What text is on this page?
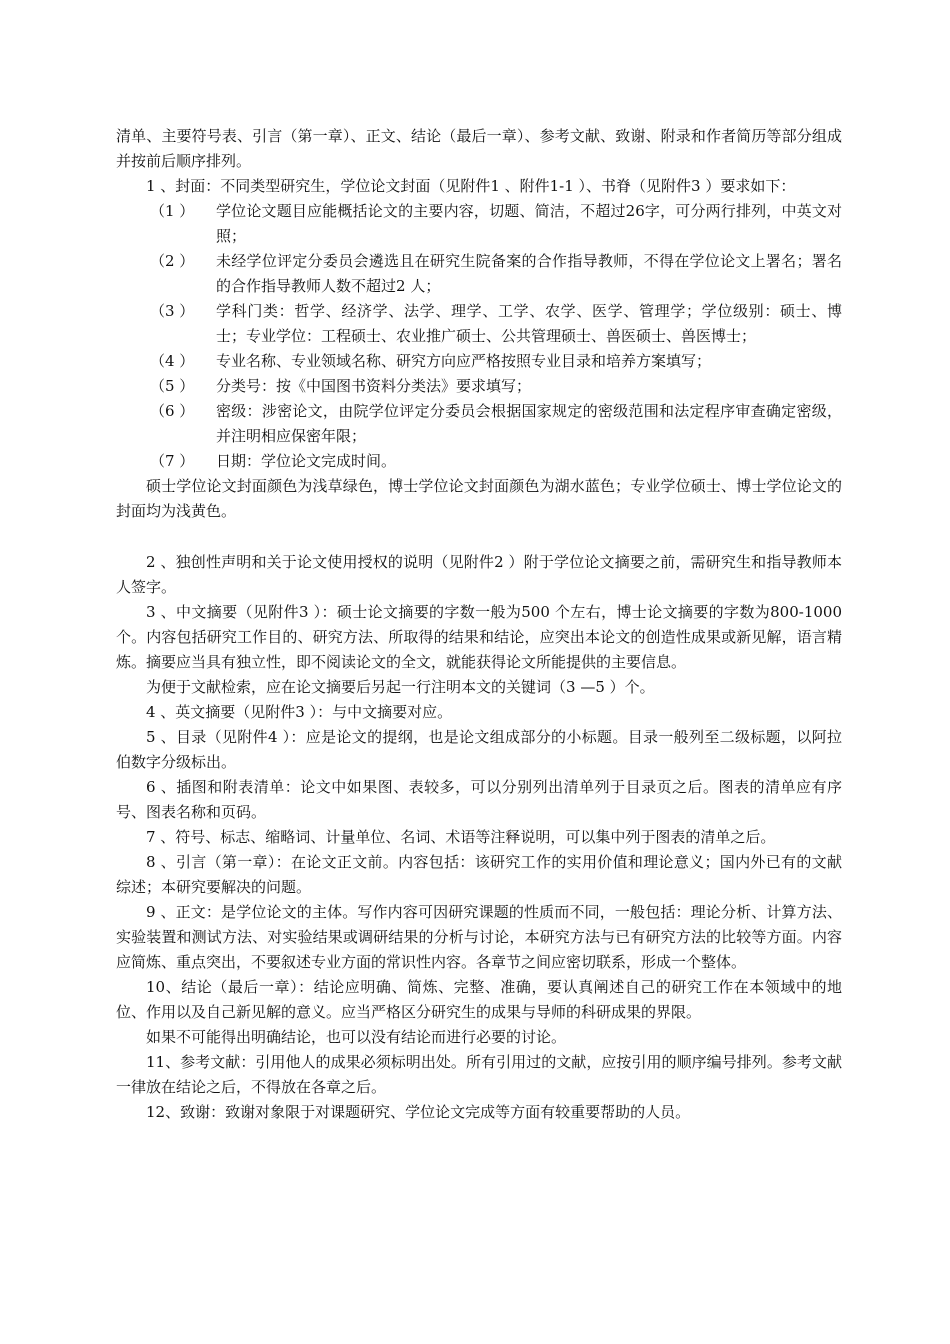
清单、主要符号表、引言（第一章）、正文、结论（最后一章）、参考文献、致谢、附录和作者简历等部分组成并按前后顺序排列。

1 、封面：不同类型研究生，学位论文封面（见附件1 、附件1-1 ）、书脊（见附件3 ）要求如下：

（1 ）	学位论文题目应能概括论文的主要内容，切题、简洁，不超过26字，可分两行排列，中英文对照；
（2 ）	未经学位评定分委员会遴选且在研究生院备案的合作指导教师，不得在学位论文上署名；署名的合作指导教师人数不超过2 人；
（3 ）	学科门类：哲学、经济学、法学、理学、工学、农学、医学、管理学；学位级别：硕士、博士；专业学位：工程硕士、农业推广硕士、公共管理硕士、兽医硕士、兽医博士；
（4 ）	专业名称、专业领域名称、研究方向应严格按照专业目录和培养方案填写；
（5 ）	分类号：按《中国图书资料分类法》要求填写；
（6 ）	密级：涉密论文，由院学位评定分委员会根据国家规定的密级范围和法定程序审查确定密级，并注明相应保密年限；
（7 ）	日期：学位论文完成时间。

硕士学位论文封面颜色为浅草绿色，博士学位论文封面颜色为湖水蓝色；专业学位硕士、博士学位论文的封面均为浅黄色。

2 、独创性声明和关于论文使用授权的说明（见附件2 ）附于学位论文摘要之前，需研究生和指导教师本人签字。

3 、中文摘要（见附件3 ）：硕士论文摘要的字数一般为500 个左右，博士论文摘要的字数为800-1000个。内容包括研究工作目的、研究方法、所取得的结果和结论，应突出本论文的创造性成果或新见解，语言精炼。摘要应当具有独立性，即不阅读论文的全文，就能获得论文所能提供的主要信息。

为便于文献检索，应在论文摘要后另起一行注明本文的关键词（3 —5 ）个。

4 、英文摘要（见附件3 ）：与中文摘要对应。

5 、目录（见附件4 ）：应是论文的提纲，也是论文组成部分的小标题。目录一般列至二级标题，以阿拉伯数字分级标出。

6 、插图和附表清单：论文中如果图、表较多，可以分别列出清单列于目录页之后。图表的清单应有序号、图表名称和页码。

7 、符号、标志、缩略词、计量单位、名词、术语等注释说明，可以集中列于图表的清单之后。

8 、引言（第一章）：在论文正文前。内容包括：该研究工作的实用价值和理论意义；国内外已有的文献综述；本研究要解决的问题。

9 、正文：是学位论文的主体。写作内容可因研究课题的性质而不同，一般包括：理论分析、计算方法、实验装置和测试方法、对实验结果或调研结果的分析与讨论，本研究方法与已有研究方法的比较等方面。内容应简炼、重点突出，不要叙述专业方面的常识性内容。各章节之间应密切联系，形成一个整体。

10、结论（最后一章）：结论应明确、简炼、完整、准确，要认真阐述自己的研究工作在本领域中的地位、作用以及自己新见解的意义。应当严格区分研究生的成果与导师的科研成果的界限。

如果不可能得出明确结论，也可以没有结论而进行必要的讨论。

11、参考文献：引用他人的成果必须标明出处。所有引用过的文献，应按引用的顺序编号排列。参考文献一律放在结论之后，不得放在各章之后。

12、致谢：致谢对象限于对课题研究、学位论文完成等方面有较重要帮助的人员。
